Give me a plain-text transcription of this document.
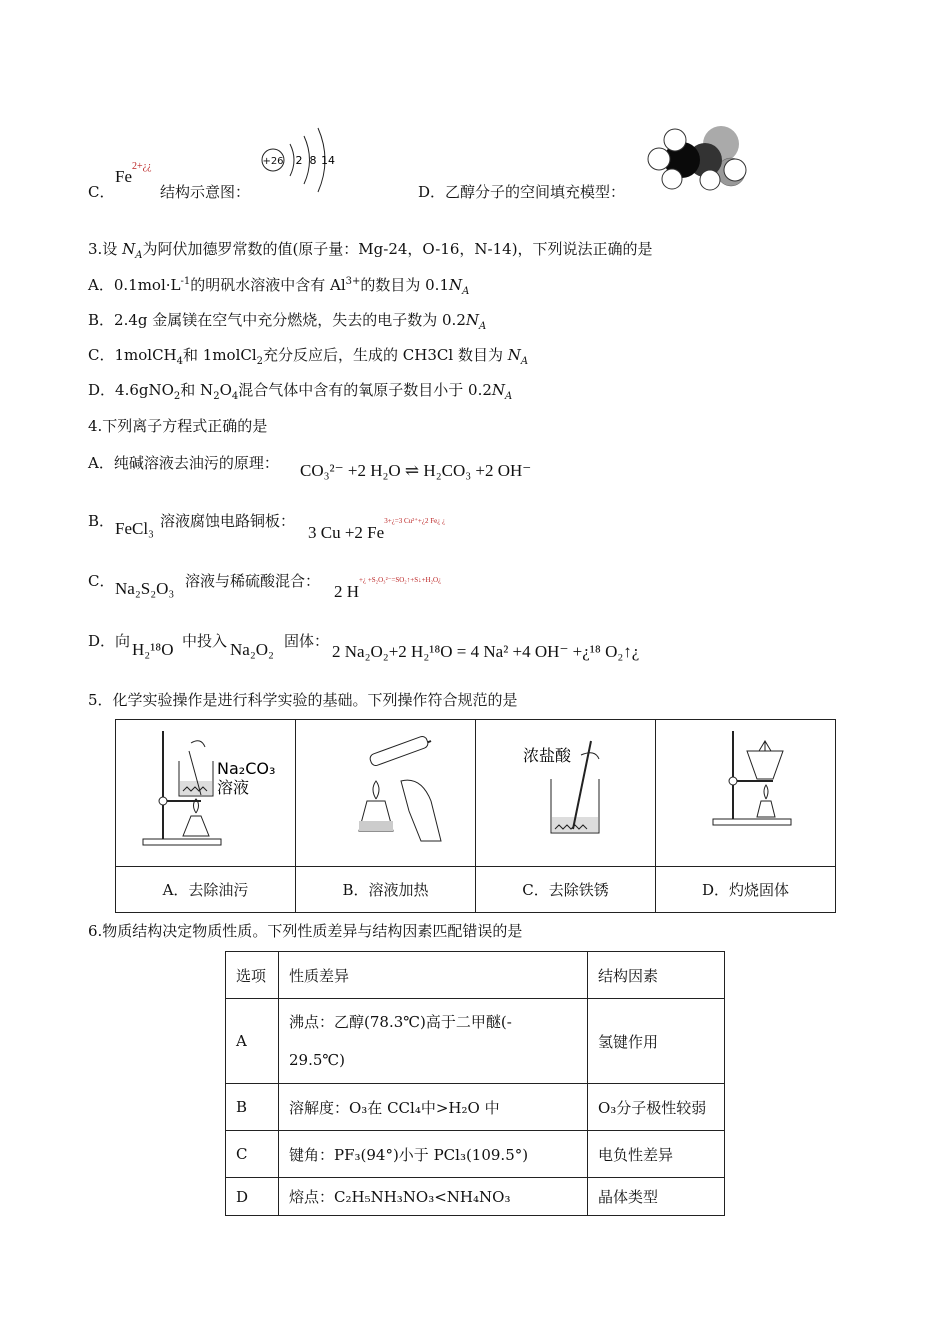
C．
$Fe^{2+¿¿}$
结构示意图：
+26 2 8 14
D．乙醇分子的空间填充模型：
3.设 $N_A$为阿伏加德罗常数的值(原子量：Mg-24，O-16，N-14)，下列说法正确的是
A．$0.1mol\cdot L^{-1}$的明矾水溶液中含有 $Al^{3+}$的数目为 $0.1N_A$
B．2.4g 金属镁在空气中充分燃烧，失去的电子数为 $0.2N_A$
C．1molCH$_4$和 1molCl$_2$充分反应后，生成的 CH3Cl 数目为 $N_A$
D．4.6gNO$_2$和 $N_2O_4$混合气体中含有的氧原子数目小于 $0.2N_A$
4.下列离子方程式正确的是
A．纯碱溶液去油污的原理： CO₃²⁻ +2 H₂O ⇌ H₂CO₃ +2 OH⁻
B． FeCl₃ 溶液腐蚀电路铜板：
3 Cu +2 $Fe^{3+¿=3 Cu^{2+}+¿2 Fe¿ ¿}$
C． Na₂S₂O₃ 溶液与稀硫酸混合：
2 $H^{+¿ +S_2O_3^{2-}=SO_2↑+S↓+H_2O¿}$
D．向 H₂¹⁸O 中投入 Na₂O₂ 固体：
2 Na₂O₂+2 H₂¹⁸O = 4 Na² +4 OH⁻ +¿¹⁸ O₂↑¿
5．化学实验操作是进行科学实验的基础。下列操作符合规范的是
Na₂CO₃
溶液		浓盐酸

A．去除油污	B．溶液加热	C．去除铁锈	D．灼烧固体
6.物质结构决定物质性质。下列性质差异与结构因素匹配错误的是
选项	性质差异	结构因素
A	沸点：乙醇(78.3℃)高于二甲醚(-
29.5℃)	氢键作用
B	溶解度：O₃在 CCl₄中>H₂O 中	O₃分子极性较弱
C	键角：PF₃(94°)小于 PCl₃(109.5°)	电负性差异
D	熔点：C₂H₅NH₃NO₃<NH₄NO₃	晶体类型
